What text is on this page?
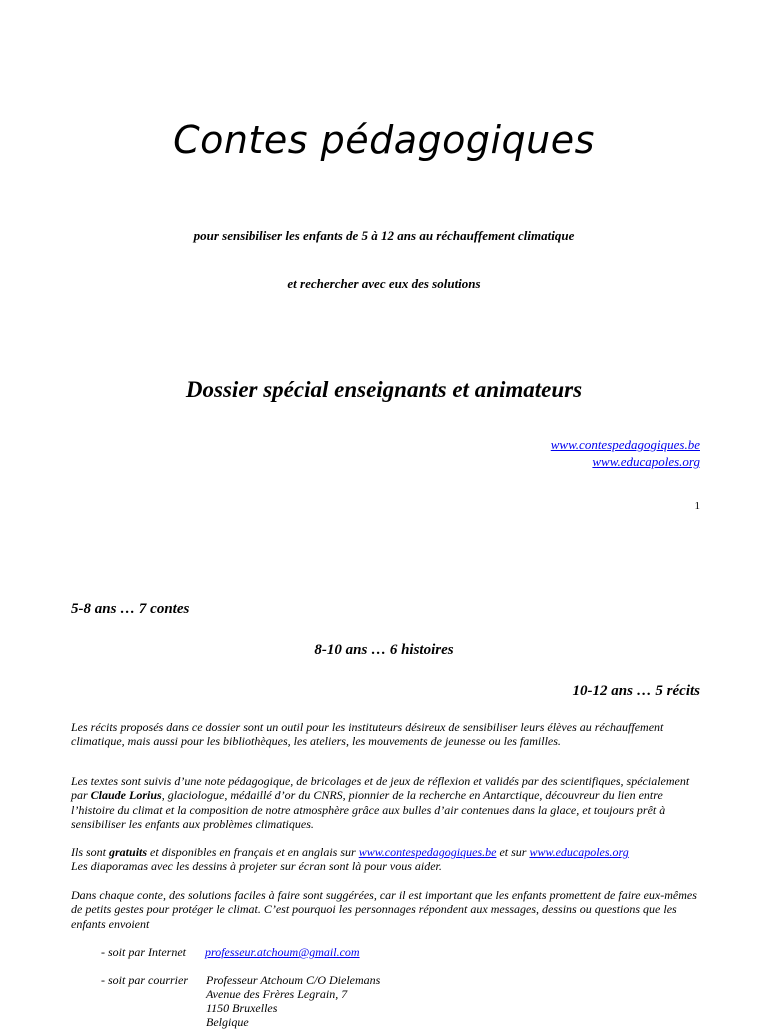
Contes pédagogiques
pour sensibiliser les enfants de 5 à 12 ans au réchauffement climatique
et rechercher avec eux des solutions
Dossier spécial enseignants et animateurs
www.contespedagogiques.be
www.educapoles.org
1
5-8 ans … 7 contes
8-10 ans … 6 histoires
10-12 ans … 5 récits
Les récits proposés dans ce dossier sont un outil pour les instituteurs désireux de sensibiliser leurs élèves au réchauffement climatique, mais aussi pour les bibliothèques, les ateliers, les mouvements de jeunesse ou les familles.
Les textes sont suivis d’une note pédagogique, de bricolages et de jeux de réflexion et validés par des scientifiques, spécialement par Claude Lorius, glaciologue, médaillé d’or du CNRS, pionnier de la recherche en Antarctique, découvreur du lien entre l’histoire du climat et la composition de notre atmosphère grâce aux bulles d’air contenues dans la glace, et toujours prêt à sensibiliser les enfants aux problèmes climatiques.
Ils sont gratuits et disponibles en français et en anglais sur www.contespedagogiques.be et sur www.educapoles.org
Les diaporamas avec les dessins à projeter sur écran sont là pour vous aider.
Dans chaque conte, des solutions faciles à faire sont suggérées, car il est important que les enfants promettent de faire eux-mêmes de petits gestes pour protéger le climat. C’est pourquoi les personnages répondent aux messages, dessins ou questions que les enfants envoient
- soit par Internet professeur.atchoum@gmail.com
- soit par courrier Professeur Atchoum C/O Dielemans
Avenue des Frères Legrain, 7
1150 Bruxelles
Belgique
